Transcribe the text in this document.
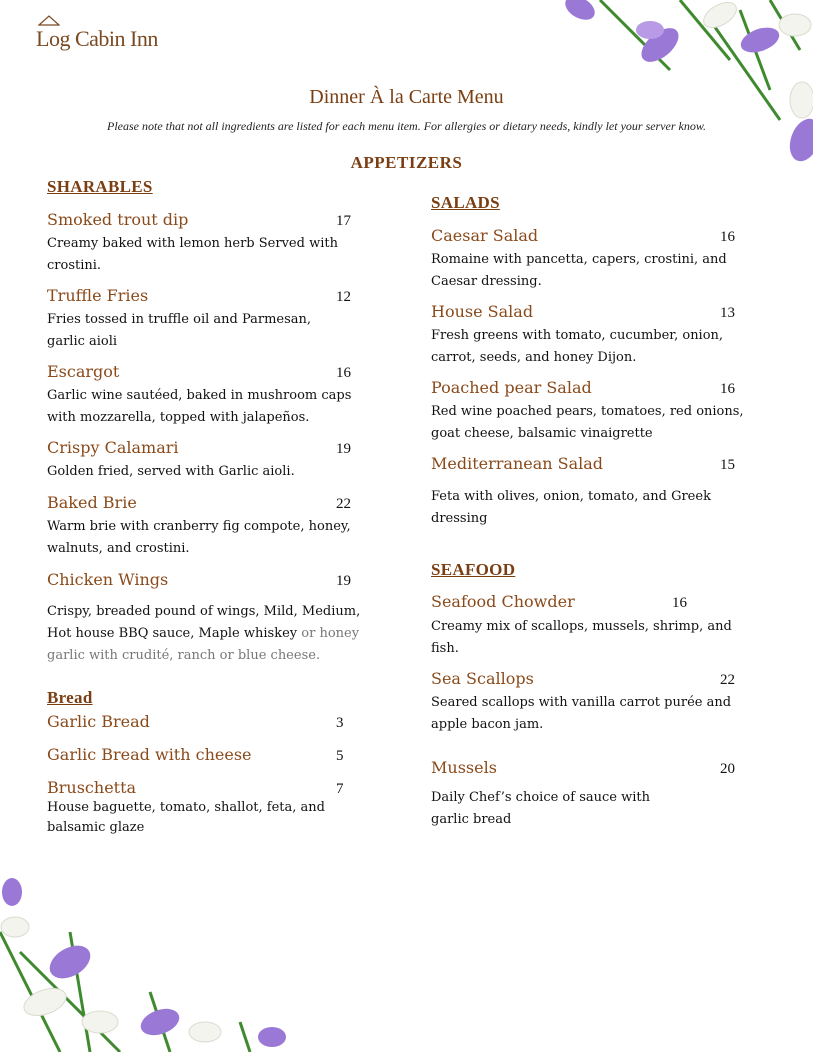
Log Cabin Inn
Dinner À la Carte Menu
Please note that not all ingredients are listed for each menu item. For allergies or dietary needs, kindly let your server know.
APPETIZERS
SHARABLES
Smoked trout dip	17
Creamy baked with lemon herb Served with crostini.
Truffle Fries	12
Fries tossed in truffle oil and Parmesan, garlic aioli
Escargot	16
Garlic wine sautéed, baked in mushroom caps with mozzarella, topped with jalapeños.
Crispy Calamari	19
Golden fried, served with Garlic aioli.
Baked Brie	22
Warm brie with cranberry fig compote, honey, walnuts, and crostini.
Chicken Wings	19
Crispy, breaded pound of wings, Mild, Medium, Hot house BBQ sauce, Maple whiskey or honey garlic with crudité, ranch or blue cheese.
Bread
Garlic Bread	3
Garlic Bread with cheese	5
Bruschetta	7
House baguette, tomato, shallot, feta, and balsamic glaze
SALADS
Caesar Salad	16
Romaine with pancetta, capers, crostini, and Caesar dressing.
House Salad	13
Fresh greens with tomato, cucumber, onion, carrot, seeds, and honey Dijon.
Poached pear Salad	16
Red wine poached pears, tomatoes, red onions, goat cheese, balsamic vinaigrette
Mediterranean Salad	15
Feta with olives, onion, tomato, and Greek dressing
SEAFOOD
Seafood Chowder	16
Creamy mix of scallops, mussels, shrimp, and fish.
Sea Scallops	22
Seared scallops with vanilla carrot purée and apple bacon jam.
Mussels	20
Daily Chef’s choice of sauce with garlic bread
